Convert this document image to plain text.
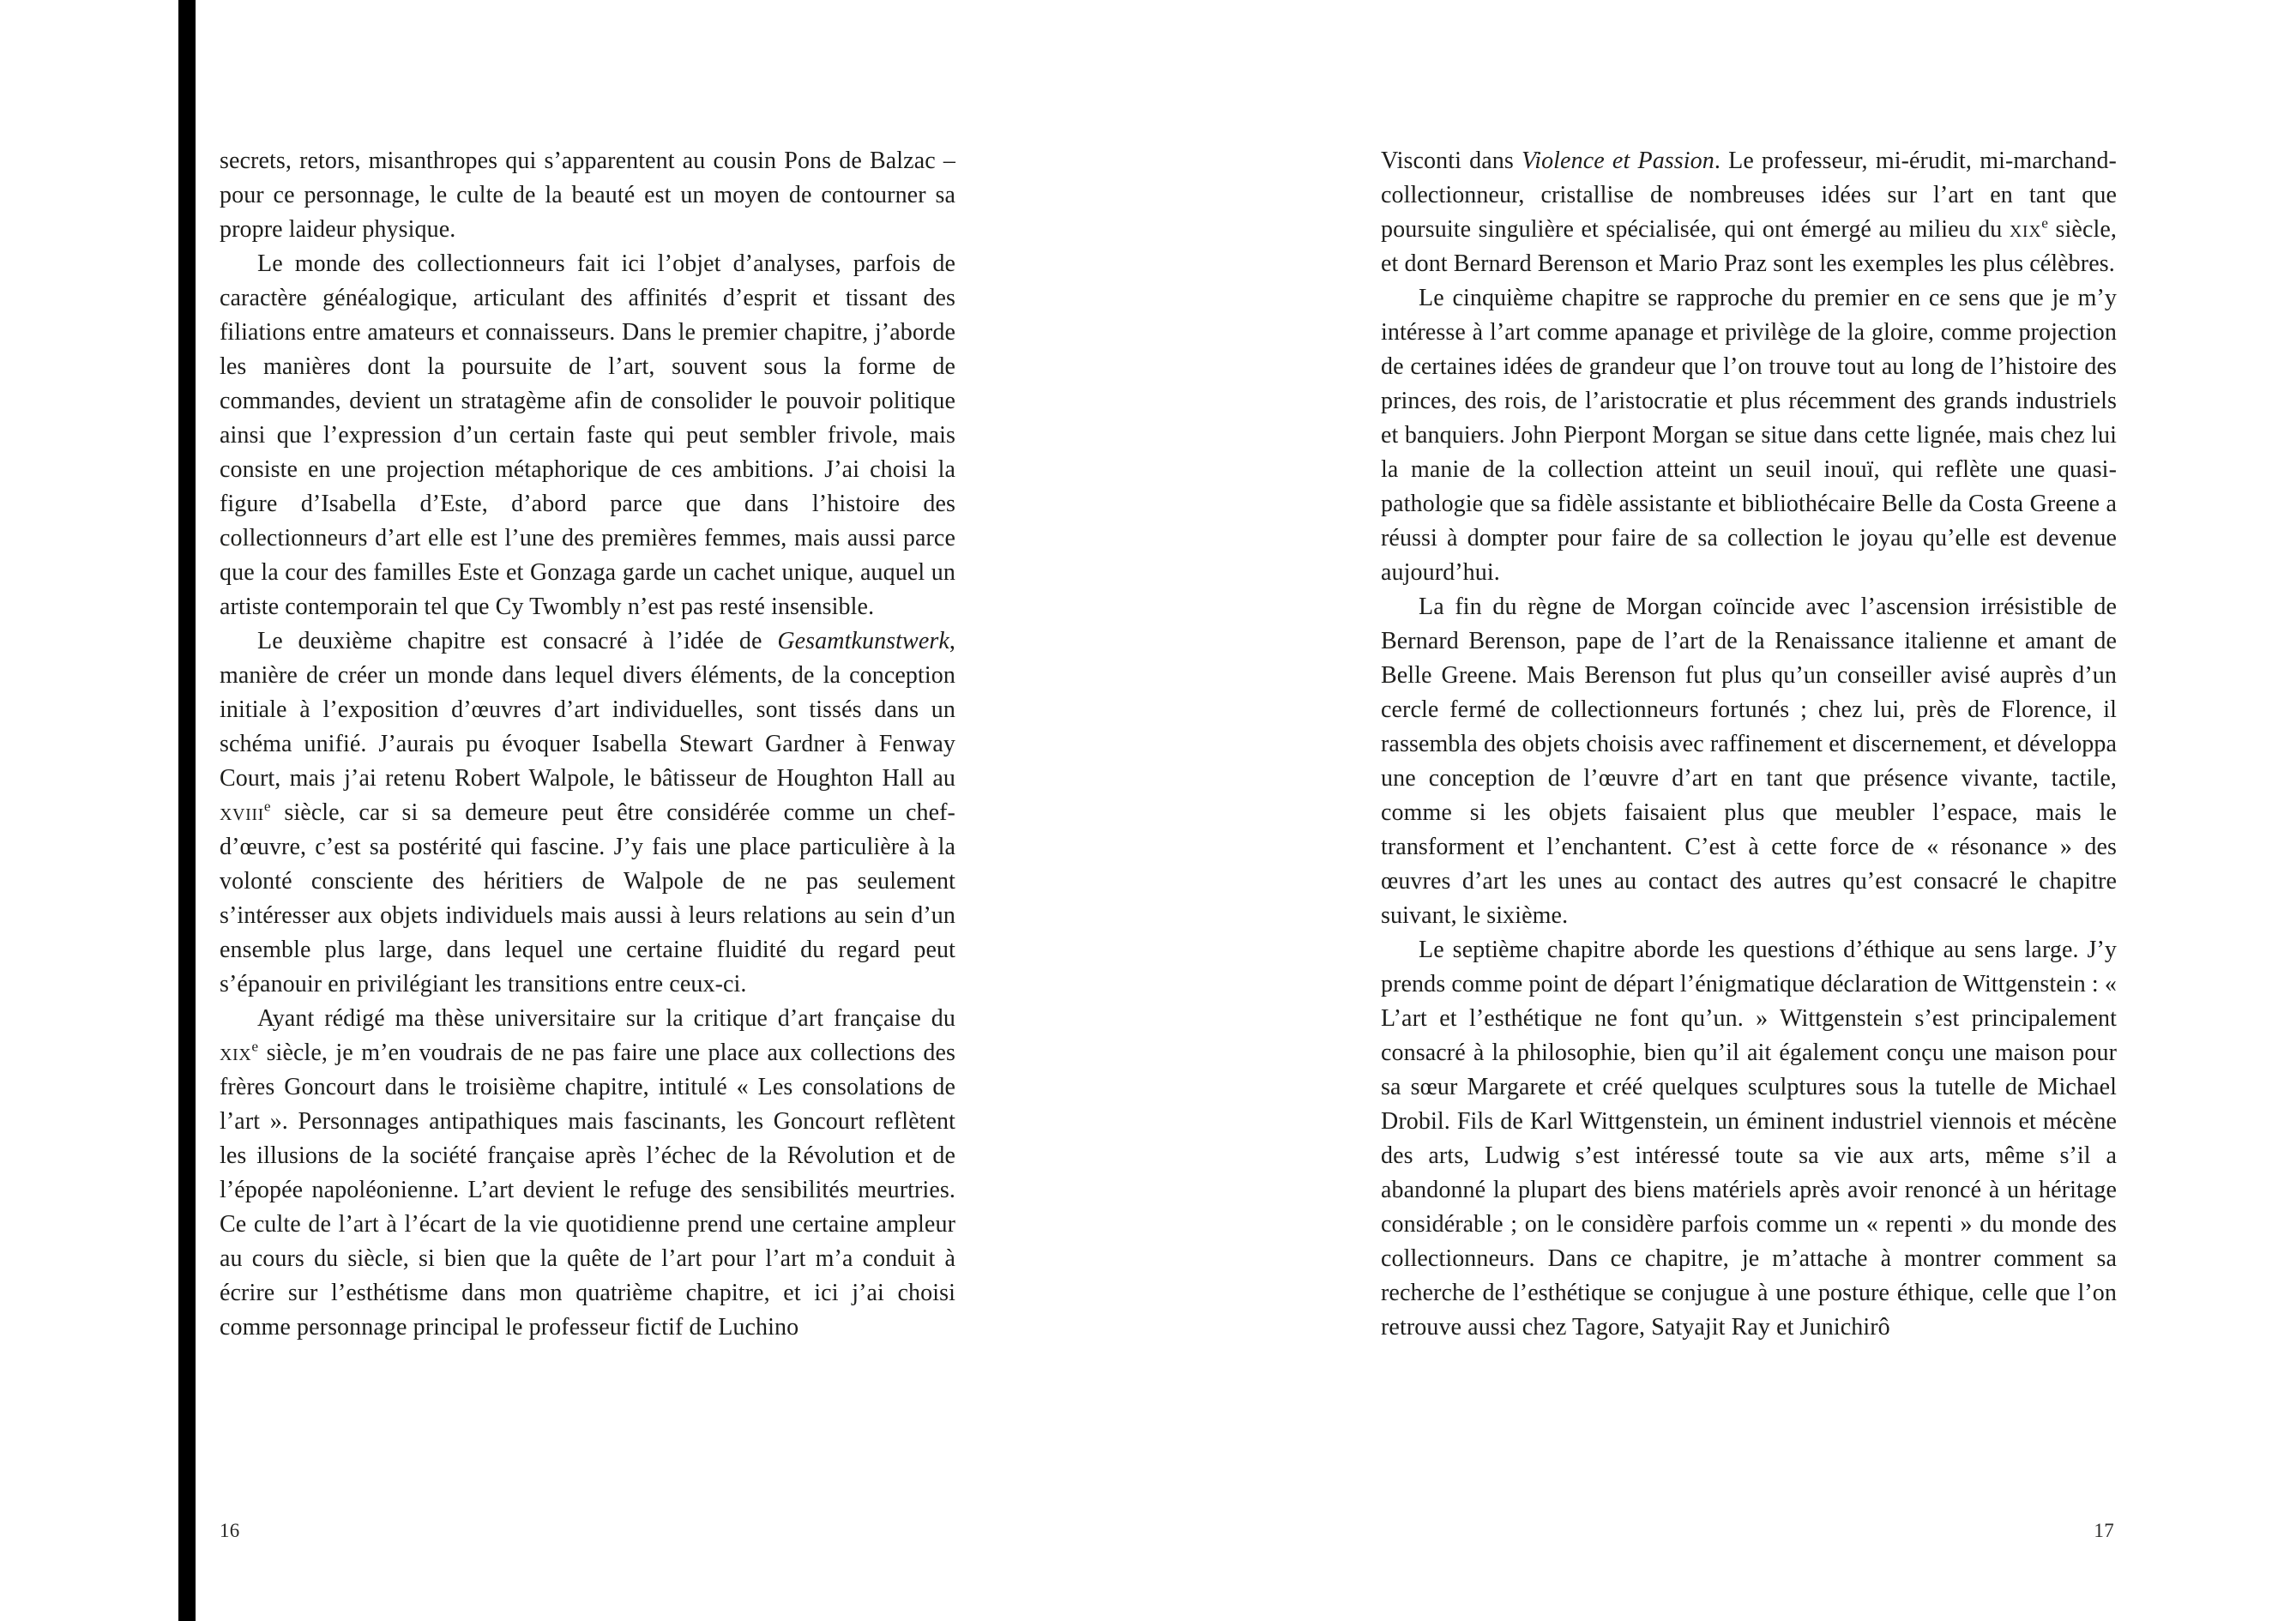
secrets, retors, misanthropes qui s’apparentent au cousin Pons de Balzac – pour ce personnage, le culte de la beauté est un moyen de contourner sa propre laideur physique.

Le monde des collectionneurs fait ici l’objet d’analyses, parfois de caractère généalogique, articulant des affinités d’esprit et tissant des filiations entre amateurs et connaisseurs. Dans le premier chapitre, j’aborde les manières dont la poursuite de l’art, souvent sous la forme de commandes, devient un stratagème afin de consolider le pouvoir politique ainsi que l’expression d’un certain faste qui peut sembler frivole, mais consiste en une projection métaphorique de ces ambitions. J’ai choisi la figure d’Isabella d’Este, d’abord parce que dans l’histoire des collectionneurs d’art elle est l’une des premières femmes, mais aussi parce que la cour des familles Este et Gonzaga garde un cachet unique, auquel un artiste contemporain tel que Cy Twombly n’est pas resté insensible.

Le deuxième chapitre est consacré à l’idée de Gesamtkunstwerk, manière de créer un monde dans lequel divers éléments, de la conception initiale à l’exposition d’œuvres d’art individuelles, sont tissés dans un schéma unifié. J’aurais pu évoquer Isabella Stewart Gardner à Fenway Court, mais j’ai retenu Robert Walpole, le bâtisseur de Houghton Hall au xviii$^e$ siècle, car si sa demeure peut être considérée comme un chef-d’œuvre, c’est sa postérité qui fascine. J’y fais une place particulière à la volonté consciente des héritiers de Walpole de ne pas seulement s’intéresser aux objets individuels mais aussi à leurs relations au sein d’un ensemble plus large, dans lequel une certaine fluidité du regard peut s’épanouir en privilégiant les transitions entre ceux-ci.

Ayant rédigé ma thèse universitaire sur la critique d’art française du xix$^e$ siècle, je m’en voudrais de ne pas faire une place aux collections des frères Goncourt dans le troisième chapitre, intitulé « Les consolations de l’art ». Personnages antipathiques mais fascinants, les Goncourt reflètent les illusions de la société française après l’échec de la Révolution et de l’épopée napoléonienne. L’art devient le refuge des sensibilités meurtries. Ce culte de l’art à l’écart de la vie quotidienne prend une certaine ampleur au cours du siècle, si bien que la quête de l’art pour l’art m’a conduit à écrire sur l’esthétisme dans mon quatrième chapitre, et ici j’ai choisi comme personnage principal le professeur fictif de Luchino

16

Visconti dans Violence et Passion. Le professeur, mi-érudit, mi-marchand-collectionneur, cristallise de nombreuses idées sur l’art en tant que poursuite singulière et spécialisée, qui ont émergé au milieu du xix$^e$ siècle, et dont Bernard Berenson et Mario Praz sont les exemples les plus célèbres.

Le cinquième chapitre se rapproche du premier en ce sens que je m’y intéresse à l’art comme apanage et privilège de la gloire, comme projection de certaines idées de grandeur que l’on trouve tout au long de l’histoire des princes, des rois, de l’aristocratie et plus récemment des grands industriels et banquiers. John Pierpont Morgan se situe dans cette lignée, mais chez lui la manie de la collection atteint un seuil inouï, qui reflète une quasi-pathologie que sa fidèle assistante et bibliothécaire Belle da Costa Greene a réussi à dompter pour faire de sa collection le joyau qu’elle est devenue aujourd’hui.

La fin du règne de Morgan coïncide avec l’ascension irrésistible de Bernard Berenson, pape de l’art de la Renaissance italienne et amant de Belle Greene. Mais Berenson fut plus qu’un conseiller avisé auprès d’un cercle fermé de collectionneurs fortunés ; chez lui, près de Florence, il rassembla des objets choisis avec raffinement et discernement, et développa une conception de l’œuvre d’art en tant que présence vivante, tactile, comme si les objets faisaient plus que meubler l’espace, mais le transforment et l’enchantent. C’est à cette force de « résonance » des œuvres d’art les unes au contact des autres qu’est consacré le chapitre suivant, le sixième.

Le septième chapitre aborde les questions d’éthique au sens large. J’y prends comme point de départ l’énigmatique déclaration de Wittgenstein : « L’art et l’esthétique ne font qu’un. » Wittgenstein s’est principalement consacré à la philosophie, bien qu’il ait également conçu une maison pour sa sœur Margarete et créé quelques sculptures sous la tutelle de Michael Drobil. Fils de Karl Wittgenstein, un éminent industriel viennois et mécène des arts, Ludwig s’est intéressé toute sa vie aux arts, même s’il a abandonné la plupart des biens matériels après avoir renoncé à un héritage considérable ; on le considère parfois comme un « repenti » du monde des collectionneurs. Dans ce chapitre, je m’attache à montrer comment sa recherche de l’esthétique se conjugue à une posture éthique, celle que l’on retrouve aussi chez Tagore, Satyajit Ray et Junichirô

17
